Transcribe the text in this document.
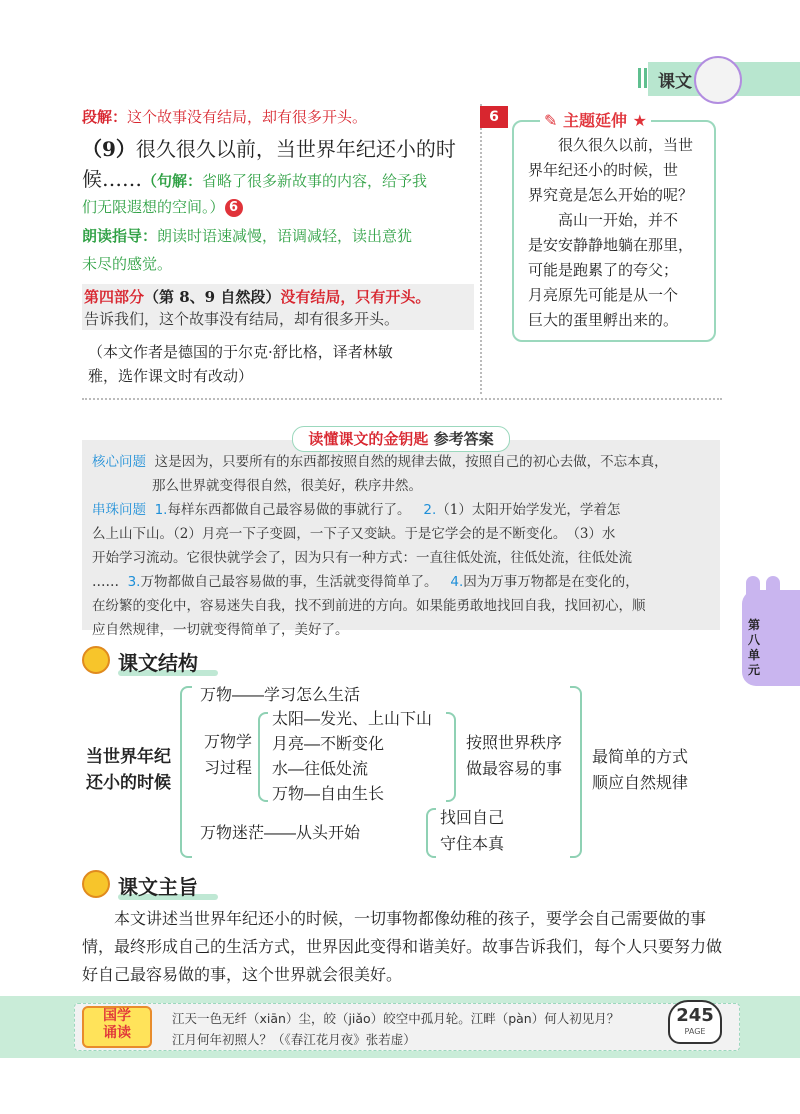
课文
段解：这个故事没有结局，却有很多开头。
（9）很久很久以前，当世界年纪还小的时
候……（句解：省略了很多新故事的内容，给予我
们无限遐想的空间。） 6
朗读指导：朗读时语速减慢，语调减轻，读出意犹
未尽的感觉。
第四部分（第 8、9 自然段）没有结局，只有开头。
告诉我们，这个故事没有结局，却有很多开头。
（本文作者是德国的于尔克·舒比格，译者林敏
雅，选作课文时有改动）
6	✎ 主题延伸 ★
很久很久以前，当世
界年纪还小的时候，世
界究竟是怎么开始的呢？
高山一开始，并不
是安安静静地躺在那里，
可能是跑累了的夸父；
月亮原先可能是从一个
巨大的蛋里孵出来的。
读懂课文的金钥匙 参考答案
核心问题 这是因为，只要所有的东西都按照自然的规律去做，按照自己的初心去做，不忘本真，
那么世界就变得很自然，很美好，秩序井然。
串珠问题 1.每样东西都做自己最容易做的事就行了。 2.（1）太阳开始学发光，学着怎
么上山下山。（2）月亮一下子变圆，一下子又变缺。于是它学会的是不断变化。　（3）水
开始学习流动。它很快就学会了，因为只有一种方式：一直往低处流，往低处流，往低处流
…… 3.万物都做自己最容易做的事，生活就变得简单了。 4.因为万事万物都是在变化的，
在纷繁的变化中，容易迷失自我，找不到前进的方向。如果能勇敢地找回自我，找回初心，顺
应自然规律，一切就变得简单了，美好了。	第八单元
课文结构
当世界年纪
还小的时候
万物——学习怎么生活
万物学
习过程
太阳—发光、上山下山
月亮—不断变化
水—往低处流
万物—自由生长
按照世界秩序
做最容易的事
最简单的方式
顺应自然规律
万物迷茫——从头开始
找回自己
守住本真
课文主旨
本文讲述当世界年纪还小的时候，一切事物都像幼稚的孩子，要学会自己需要做的事情，最终形成自己的生活方式，世界因此变得和谐美好。故事告诉我们，每个人只要努力做好自己最容易做的事，这个世界就会很美好。
国学
诵读
江天一色无纤（xiān）尘，皎（jiǎo）皎空中孤月轮。江畔（pàn）何人初见月？
江月何年初照人？（《春江花月夜》张若虚）
245
PAGE
